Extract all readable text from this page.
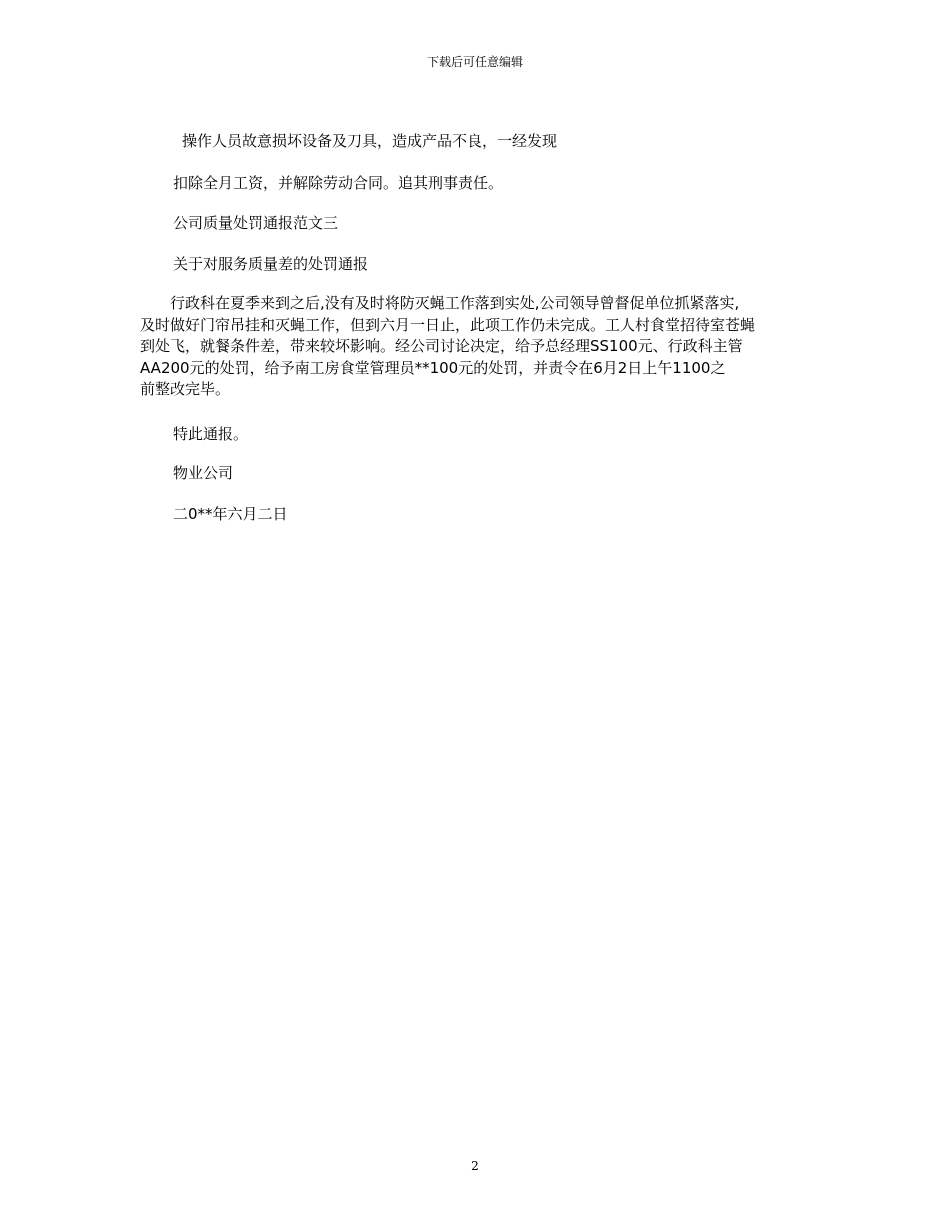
下载后可任意编辑
操作人员故意损坏设备及刀具，造成产品不良，一经发现
扣除全月工资，并解除劳动合同。追其刑事责任。
公司质量处罚通报范文三
关于对服务质量差的处罚通报
　　行政科在夏季来到之后,没有及时将防灭蝇工作落到实处,公司领导曾督促单位抓紧落实,
及时做好门帘吊挂和灭蝇工作，但到六月一日止，此项工作仍未完成。工人村食堂招待室苍蝇
到处飞，就餐条件差，带来较坏影响。经公司讨论决定，给予总经理SS100元、行政科主管
AA200元的处罚，给予南工房食堂管理员**100元的处罚，并责令在6月2日上午1100之
前整改完毕。
特此通报。
物业公司
二0**年六月二日
2
